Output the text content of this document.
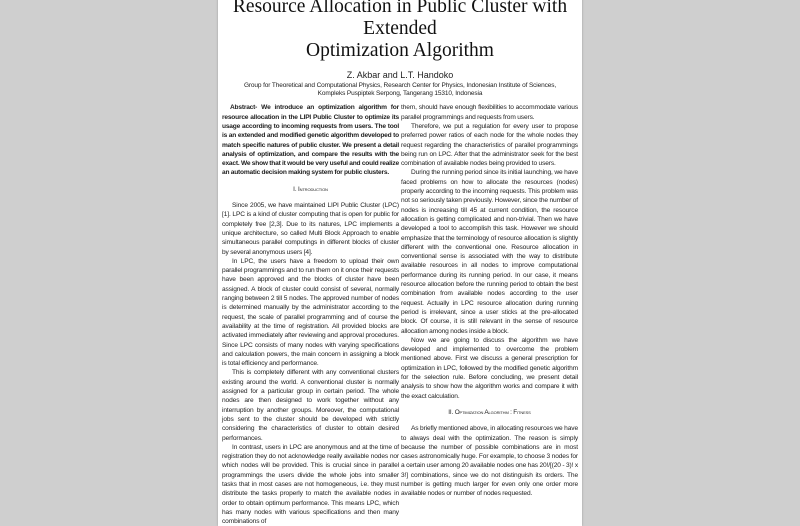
Resource Allocation in Public Cluster with Extended
Optimization Algorithm
Z. Akbar and L.T. Handoko
Group for Theoretical and Computational Physics, Research Center for Physics, Indonesian Institute of Sciences,
Kompleks Puspiptek Serpong, Tangerang 15310, Indonesia

Abstract- We introduce an optimization algorithm for resource allocation in the LIPI Public Cluster to optimize its usage according to incoming requests from users. The tool is an extended and modified genetic algorithm developed to match specific natures of public cluster. We present a detail analysis of optimization, and compare the results with the exact. We show that it would be very useful and could realize an automatic decision making system for public clusters.

I. Introduction

Since 2005, we have maintained LIPI Public Cluster (LPC) [1]. LPC is a kind of cluster computing that is open for public for completely free [2,3]. Due to its natures, LPC implements a unique architecture, so called Multi Block Approach to enable simultaneous parallel computings in different blocks of cluster by several anonymous users [4].

In LPC, the users have a freedom to upload their own parallel programmings and to run them on it once their requests have been approved and the blocks of cluster have been assigned. A block of cluster could consist of several, normally ranging between 2 till 5 nodes. The approved number of nodes is determined manually by the administrator according to the request, the scale of parallel programming and of course the availability at the time of registration. All provided blocks are activated immediately after reviewing and approval procedures. Since LPC consists of many nodes with varying specifications and calculation powers, the main concern in assigning a block is total efficiency and performance.

This is completely different with any conventional clusters existing around the world. A conventional cluster is normally assigned for a particular group in certain period. The whole nodes are then designed to work together without any interruption by another groups. Moreover, the computational jobs sent to the cluster should be developed with strictly considering the characteristics of cluster to obtain desired performances.

In contrast, users in LPC are anonymous and at the time of registration they do not acknowledge really available nodes nor which nodes will be provided. This is crucial since in parallel programmings the users divide the whole jobs into smaller tasks that in most cases are not homogeneous, i.e. they must distribute the tasks properly to match the available nodes in order to obtain optimum performance. This means LPC, which has many nodes with various specifications and then many combinations of

them, should have enough flexibilities to accommodate various parallel programmings and requests from users.

Therefore, we put a regulation for every user to propose preferred power ratios of each node for the whole nodes they request regarding the characteristics of parallel programmings being run on LPC. After that the administrator seek for the best combination of available nodes being provided to users.

During the running period since its initial launching, we have faced problems on how to allocate the resources (nodes) properly according to the incoming requests. This problem was not so seriously taken previously. However, since the number of nodes is increasing till 45 at current condition, the resource allocation is getting complicated and non-trivial. Then we have developed a tool to accomplish this task. However we should emphasize that the terminology of resource allocation is slightly different with the conventional one. Resource allocation in conventional sense is associated with the way to distribute available resources in all nodes to improve computational performance during its running period. In our case, it means resource allocation before the running period to obtain the best combination from available nodes according to the user request. Actually in LPC resource allocation during running period is irrelevant, since a user sticks at the pre-allocated block. Of course, it is still relevant in the sense of resource allocation among nodes inside a block.

Now we are going to discuss the algorithm we have developed and implemented to overcome the problem mentioned above. First we discuss a general prescription for optimization in LPC, followed by the modified genetic algorithm for the selection rule. Before concluding, we present detail analysis to show how the algorithm works and compare it with the exact calculation.

II. Optimization Algorithm : Fitness

As briefly mentioned above, in allocating resources we have to always deal with the optimization. The reason is simply because the number of possible combinations are in most cases astronomically huge. For example, to choose 3 nodes for a certain user among 20 available nodes one has 20!/[(20 - 3)! x 3!] combinations, since we do not distinguish its orders. The number is getting much larger for even only one order more available nodes or number of nodes requested.
